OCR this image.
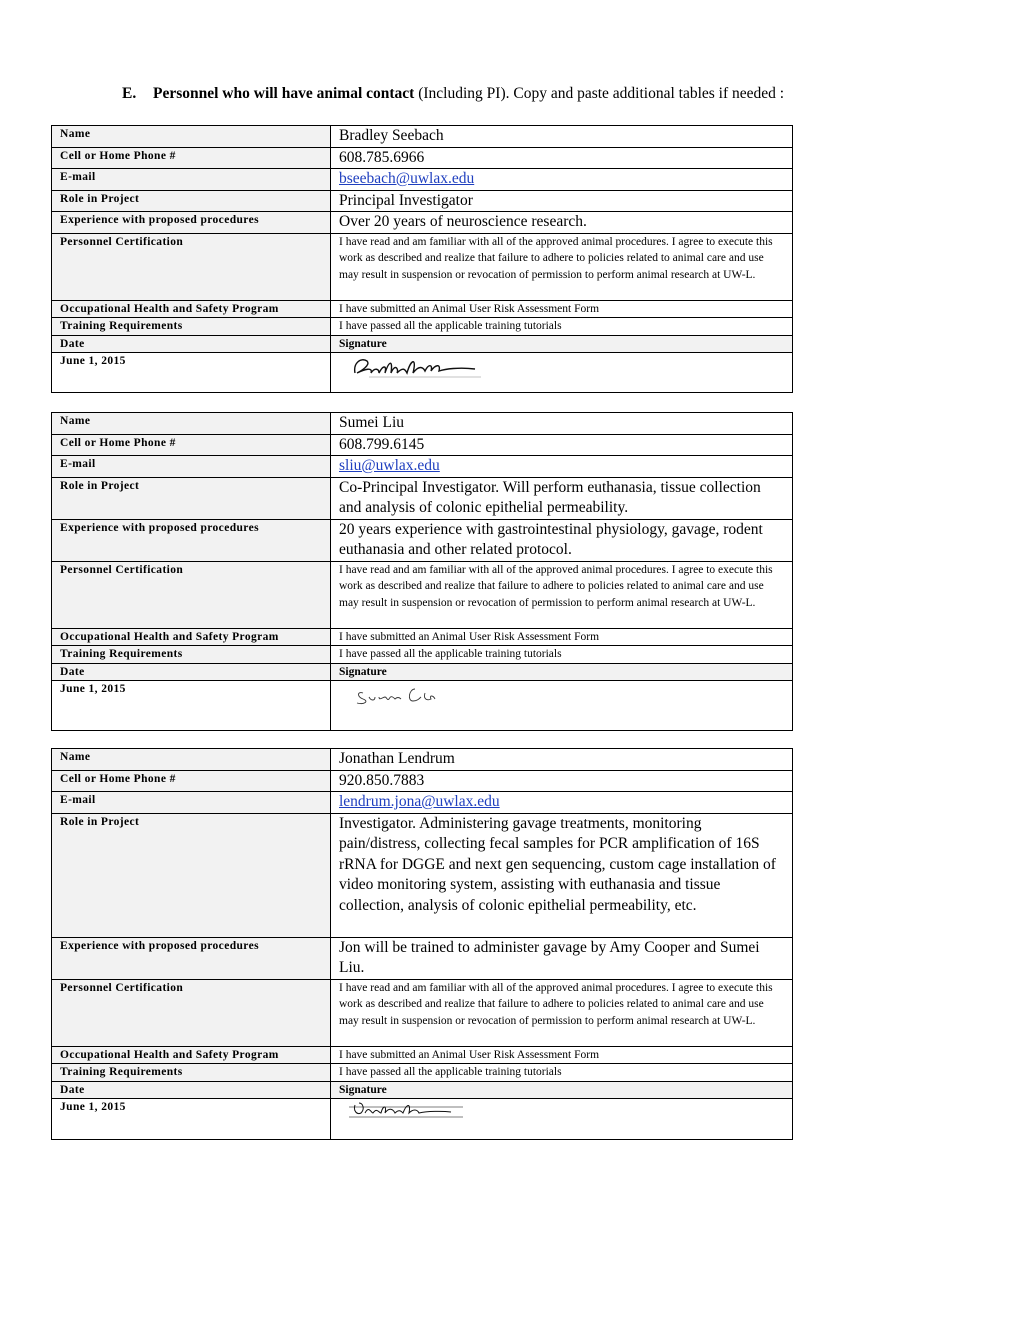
E. Personnel who will have animal contact (Including PI). Copy and paste additional tables if needed :
Name	Bradley Seebach
Cell or Home Phone #	608.785.6966
E-mail	bseebach@uwlax.edu
Role in Project	Principal Investigator
Experience with proposed procedures	Over 20 years of neuroscience research.
Personnel Certification	I have read and am familiar with all of the approved animal procedures. I agree to execute this work as described and realize that failure to adhere to policies related to animal care and use may result in suspension or revocation of permission to perform animal research at UW-L.
Occupational Health and Safety Program	I have submitted an Animal User Risk Assessment Form
Training Requirements	I have passed all the applicable training tutorials
Date	Signature
June 1, 2015	
Name	Sumei Liu
Cell or Home Phone #	608.799.6145
E-mail	sliu@uwlax.edu
Role in Project	Co-Principal Investigator. Will perform euthanasia, tissue collection and analysis of colonic epithelial permeability.
Experience with proposed procedures	20 years experience with gastrointestinal physiology, gavage, rodent euthanasia and other related protocol.
Personnel Certification	I have read and am familiar with all of the approved animal procedures. I agree to execute this work as described and realize that failure to adhere to policies related to animal care and use may result in suspension or revocation of permission to perform animal research at UW-L.
Occupational Health and Safety Program	I have submitted an Animal User Risk Assessment Form
Training Requirements	I have passed all the applicable training tutorials
Date	Signature
June 1, 2015	
Name	Jonathan Lendrum
Cell or Home Phone #	920.850.7883
E-mail	lendrum.jona@uwlax.edu
Role in Project	Investigator. Administering gavage treatments, monitoring pain/distress, collecting fecal samples for PCR amplification of 16S rRNA for DGGE and next gen sequencing, custom cage installation of video monitoring system, assisting with euthanasia and tissue collection, analysis of colonic epithelial permeability, etc.
Experience with proposed procedures	Jon will be trained to administer gavage by Amy Cooper and Sumei Liu.
Personnel Certification	I have read and am familiar with all of the approved animal procedures. I agree to execute this work as described and realize that failure to adhere to policies related to animal care and use may result in suspension or revocation of permission to perform animal research at UW-L.
Occupational Health and Safety Program	I have submitted an Animal User Risk Assessment Form
Training Requirements	I have passed all the applicable training tutorials
Date	Signature
June 1, 2015	
